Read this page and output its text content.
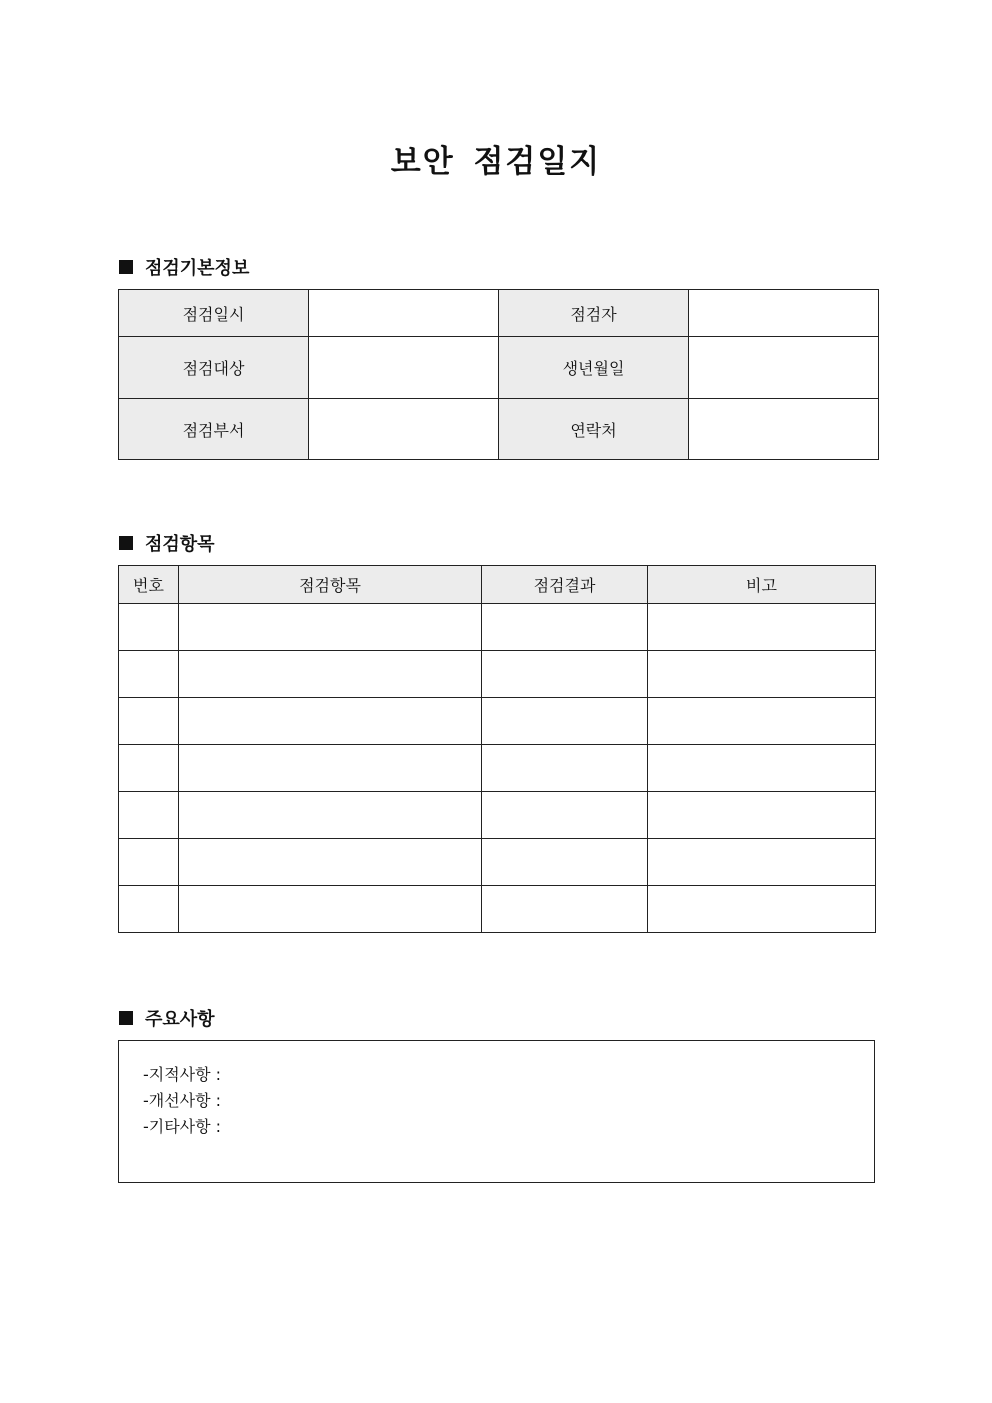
보안 점검일지
점검기본정보
점검일시		점검자	
점검대상		생년월일	
점검부서		연락처	
점검항목
번호	점검항목	점검결과	비고

주요사항
-지적사항 :
-개선사항 :
-기타사항 :
